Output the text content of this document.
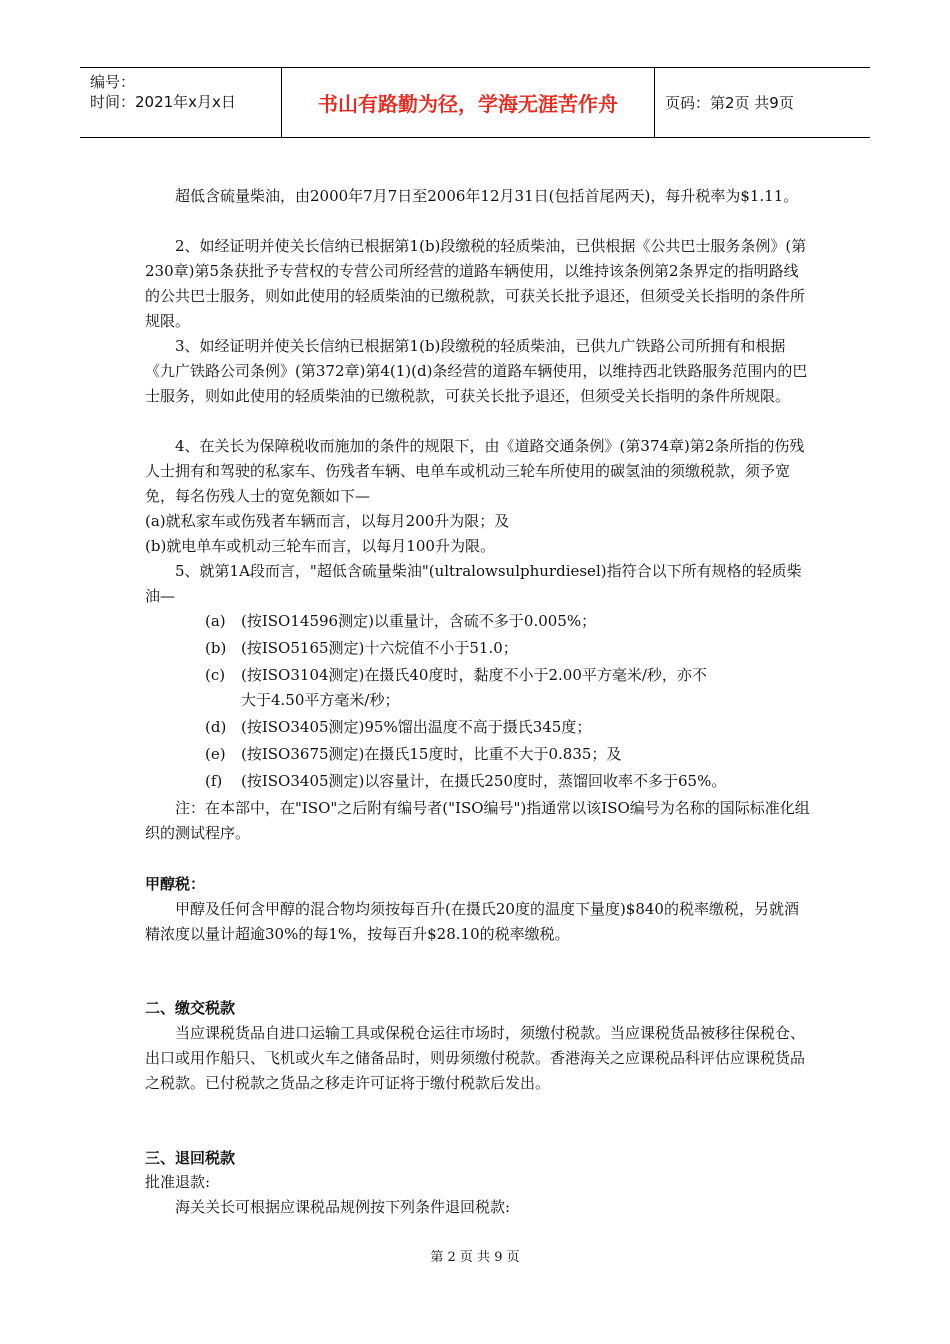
编号：
时间：2021年x月x日	书山有路勤为径，学海无涯苦作舟	页码：第2页 共9页

超低含硫量柴油，由2000年7月7日至2006年12月31日(包括首尾两天)，每升税率为$1.11。

2、如经证明并使关长信纳已根据第1(b)段缴税的轻质柴油，已供根据《公共巴士服务条例》(第230章)第5条获批予专营权的专营公司所经营的道路车辆使用，以维持该条例第2条界定的指明路线的公共巴士服务，则如此使用的轻质柴油的已缴税款，可获关长批予退还，但须受关长指明的条件所规限。

3、如经证明并使关长信纳已根据第1(b)段缴税的轻质柴油，已供九广铁路公司所拥有和根据《九广铁路公司条例》(第372章)第4(1)(d)条经营的道路车辆使用，以维持西北铁路服务范围内的巴士服务，则如此使用的轻质柴油的已缴税款，可获关长批予退还，但须受关长指明的条件所规限。

4、在关长为保障税收而施加的条件的规限下，由《道路交通条例》(第374章)第2条所指的伤残人士拥有和驾驶的私家车、伤残者车辆、电单车或机动三轮车所使用的碳氢油的须缴税款，须予宽免，每名伤残人士的宽免额如下—

(a)就私家车或伤残者车辆而言，以每月200升为限；及

(b)就电单车或机动三轮车而言，以每月100升为限。

5、就第1A段而言，"超低含硫量柴油"(ultralowsulphurdiesel)指符合以下所有规格的轻质柴油—

(a) (按ISO14596测定)以重量计，含硫不多于0.005%；
(b) (按ISO5165测定)十六烷值不小于51.0；
(c) (按ISO3104测定)在摄氏40度时，黏度不小于2.00平方毫米/秒，亦不
大于4.50平方毫米/秒；
(d) (按ISO3405测定)95%馏出温度不高于摄氏345度；
(e) (按ISO3675测定)在摄氏15度时，比重不大于0.835；及
(f) (按ISO3405测定)以容量计，在摄氏250度时，蒸馏回收率不多于65%。

注：在本部中，在"ISO"之后附有编号者("ISO编号")指通常以该ISO编号为名称的国际标准化组织的测试程序。

甲醇税：

甲醇及任何含甲醇的混合物均须按每百升(在摄氏20度的温度下量度)$840的税率缴税，另就酒精浓度以量计超逾30%的每1%，按每百升$28.10的税率缴税。

二、缴交税款

当应课税货品自进口运输工具或保税仓运往市场时，须缴付税款。当应课税货品被移往保税仓、出口或用作船只、飞机或火车之储备品时，则毋须缴付税款。香港海关之应课税品科评估应课税货品之税款。已付税款之货品之移走许可证将于缴付税款后发出。

三、退回税款

批准退款:

海关关长可根据应课税品规例按下列条件退回税款:

第 2 页 共 9 页
